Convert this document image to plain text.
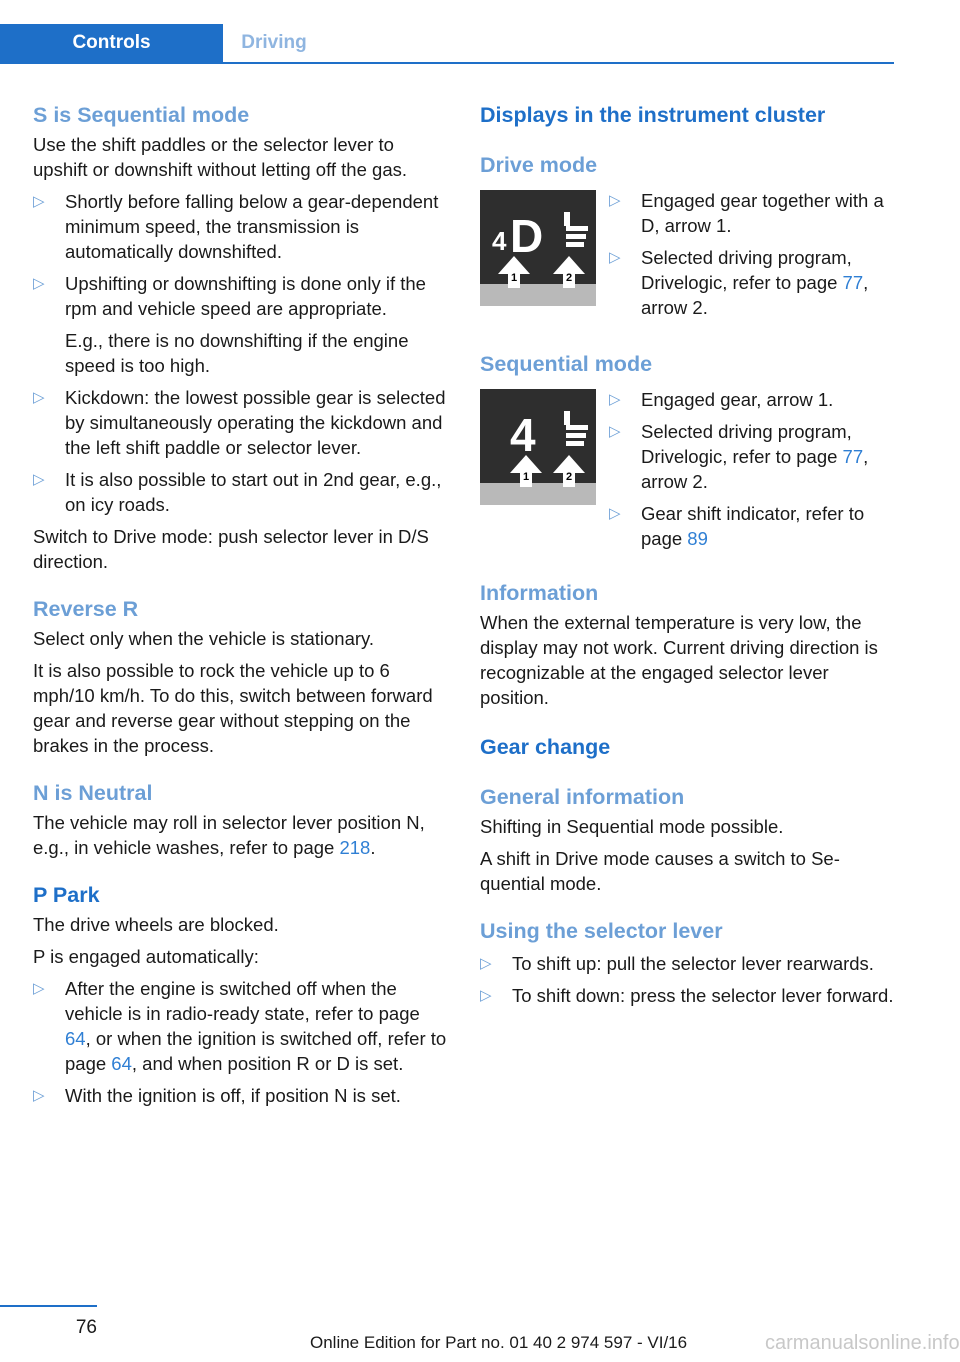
Controls	Driving
S is Sequential mode

Use the shift paddles or the selector lever to upshift or downshift without letting off the gas.

▷ Shortly before falling below a gear-dependent minimum speed, the transmission is automatically downshifted.
▷ Upshifting or downshifting is done only if the rpm and vehicle speed are appropriate.
E.g., there is no downshifting if the engine speed is too high.
▷ Kickdown: the lowest possible gear is selected by simultaneously operating the kickdown and the left shift paddle or selector lever.
▷ It is also possible to start out in 2nd gear, e.g., on icy roads.

Switch to Drive mode: push selector lever in D/S direction.

Reverse R

Select only when the vehicle is stationary.

It is also possible to rock the vehicle up to 6 mph/10 km/h. To do this, switch between forward gear and reverse gear without stepping on the brakes in the process.

N is Neutral

The vehicle may roll in selector lever position N, e.g., in vehicle washes, refer to page 218.

P Park

The drive wheels are blocked.

P is engaged automatically:

▷ After the engine is switched off when the vehicle is in radio-ready state, refer to page 64, or when the ignition is switched off, refer to page 64, and when position R or D is set.
▷ With the ignition is off, if position N is set.
Displays in the instrument cluster
Drive mode
4 D
1	2
▷ Engaged gear together with a D, arrow 1.
▷ Selected driving program, Drivelogic, refer to page 77, arrow 2.
Sequential mode
4
1	2
▷ Engaged gear, arrow 1.
▷ Selected driving program, Drivelogic, refer to page 77, arrow 2.
▷ Gear shift indicator, refer to page 89
Information

When the external temperature is very low, the display may not work. Current driving direction is recognizable at the engaged selector lever position.

Gear change
General information

Shifting in Sequential mode possible.

A shift in Drive mode causes a switch to Sequential mode.

Using the selector lever
▷ To shift up: pull the selector lever rearwards.
▷ To shift down: press the selector lever forward.
76
Online Edition for Part no. 01 40 2 974 597 - VI/16	carmanualsonline.info
